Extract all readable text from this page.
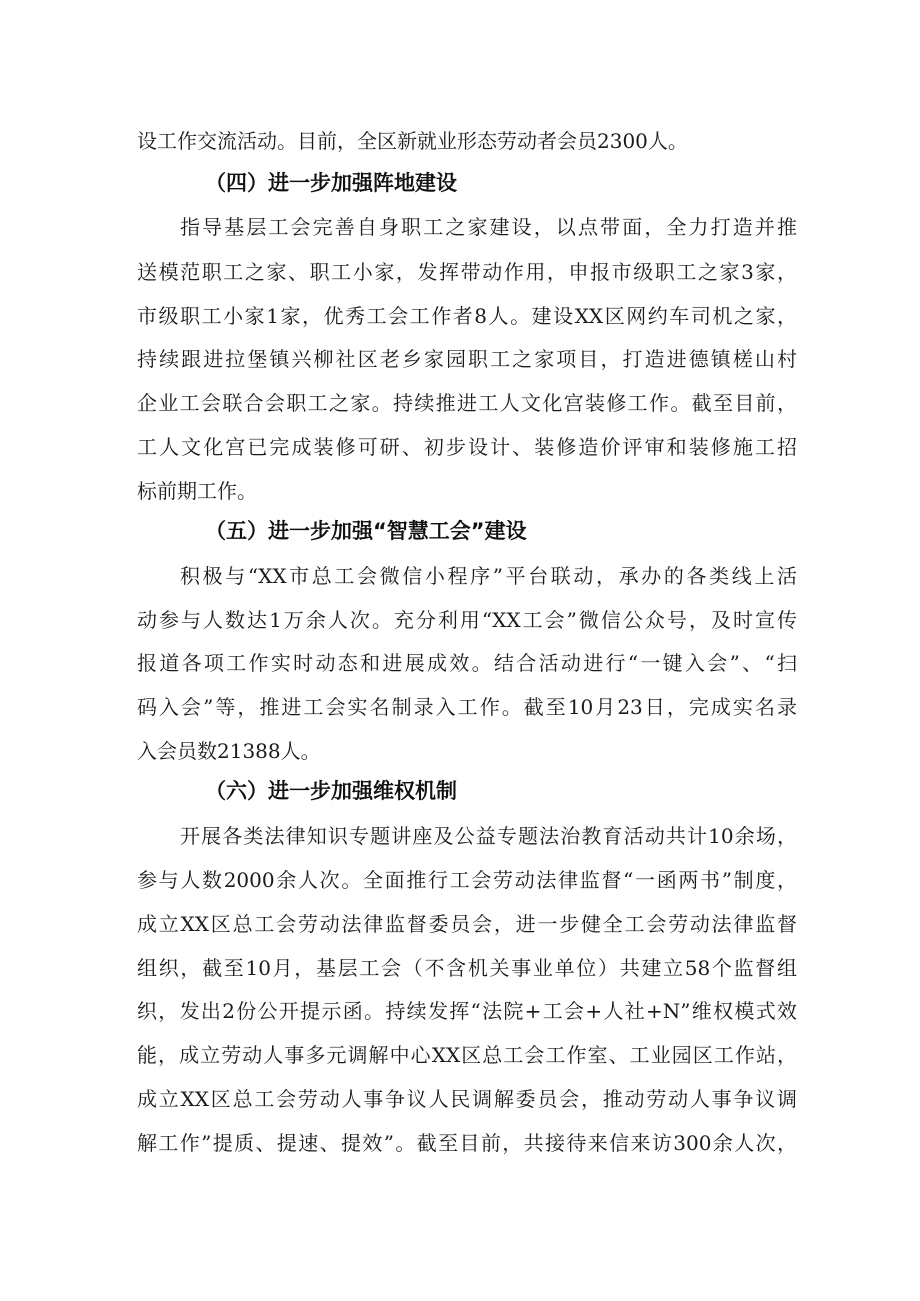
设工作交流活动。目前，全区新就业形态劳动者会员2300人。
（四）进一步加强阵地建设
指导基层工会完善自身职工之家建设，以点带面，全力打造并推
送模范职工之家、职工小家，发挥带动作用，申报市级职工之家3家，
市级职工小家1家，优秀工会工作者8人。建设XX区网约车司机之家，
持续跟进拉堡镇兴柳社区老乡家园职工之家项目，打造进德镇槎山村
企业工会联合会职工之家。持续推进工人文化宫装修工作。截至目前，
工人文化宫已完成装修可研、初步设计、装修造价评审和装修施工招
标前期工作。
（五）进一步加强“智慧工会”建设
积极与“XX市总工会微信小程序”平台联动，承办的各类线上活
动参与人数达1万余人次。充分利用“XX工会”微信公众号，及时宣传
报道各项工作实时动态和进展成效。结合活动进行“一键入会”、“扫
码入会”等，推进工会实名制录入工作。截至10月23日，完成实名录
入会员数21388人。
（六）进一步加强维权机制
开展各类法律知识专题讲座及公益专题法治教育活动共计10余场，
参与人数2000余人次。全面推行工会劳动法律监督“一函两书”制度，
成立XX区总工会劳动法律监督委员会，进一步健全工会劳动法律监督
组织，截至10月，基层工会（不含机关事业单位）共建立58个监督组
织，发出2份公开提示函。持续发挥“法院+工会+人社+N”维权模式效
能，成立劳动人事多元调解中心XX区总工会工作室、工业园区工作站，
成立XX区总工会劳动人事争议人民调解委员会，推动劳动人事争议调
解工作”提质、提速、提效”。截至目前，共接待来信来访300余人次，
